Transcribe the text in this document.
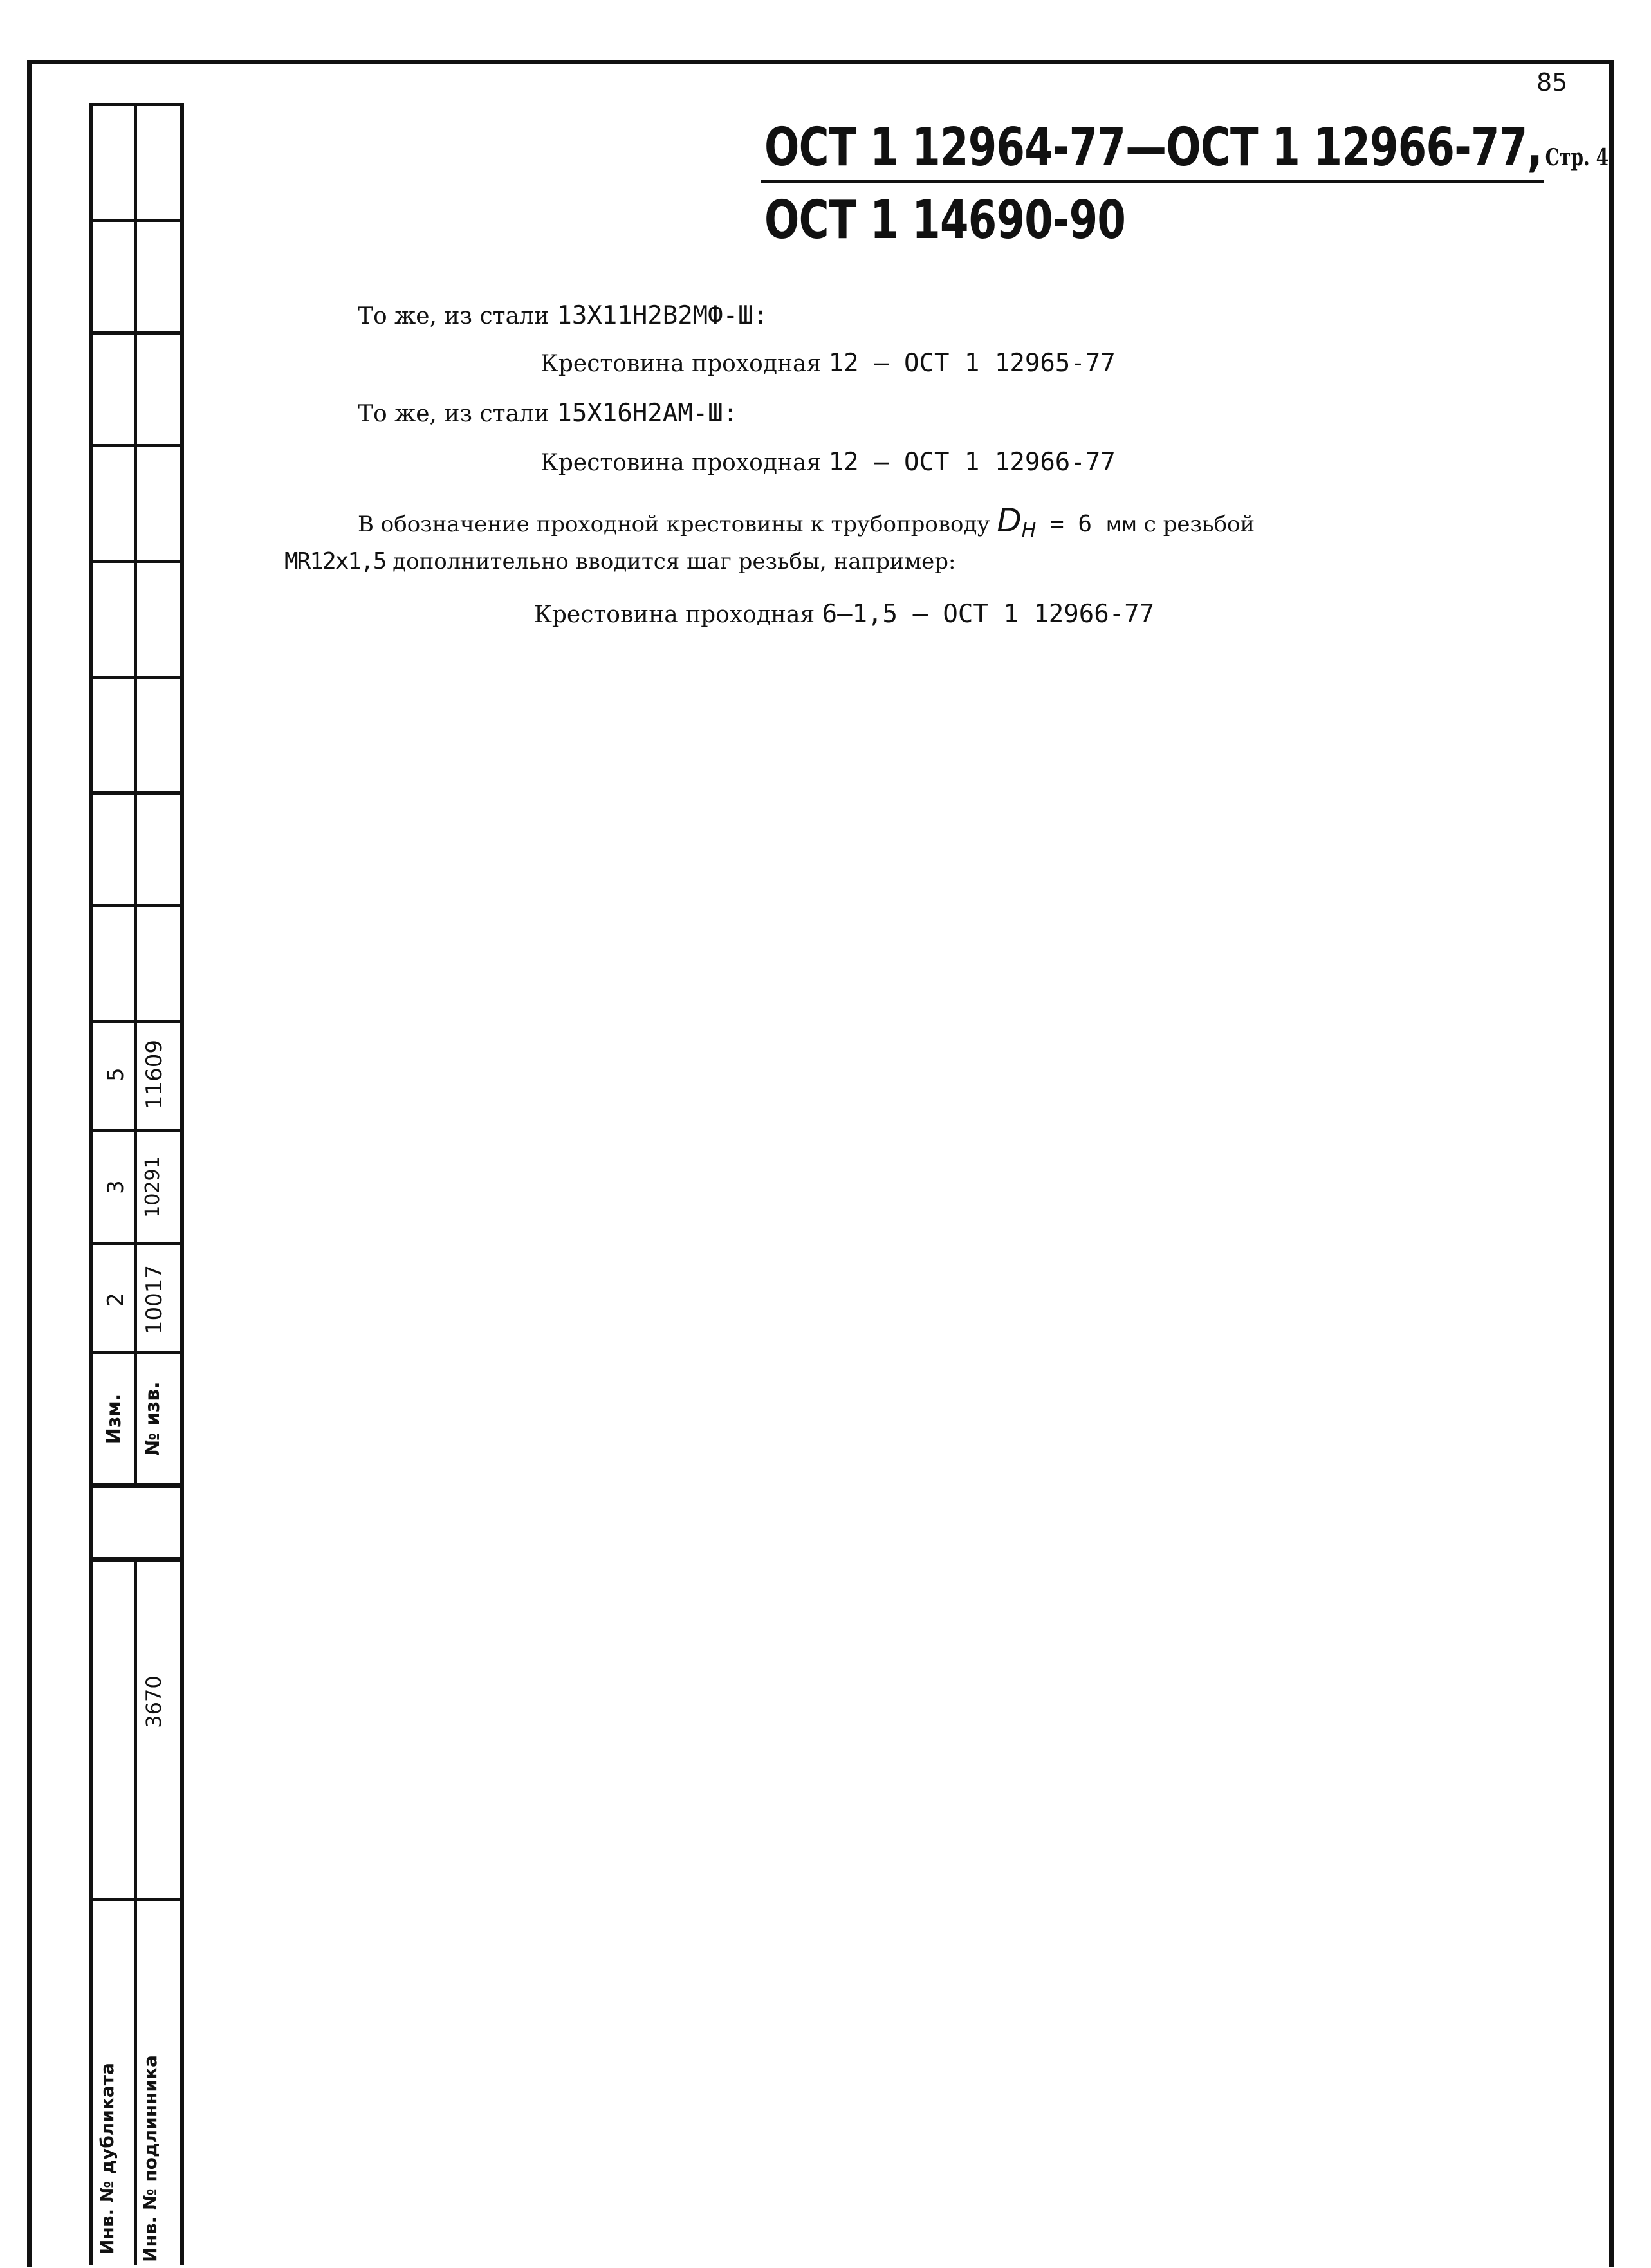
85
5
3
2
Изм.
11609
10291
10017
№ изв.
3670
Инв. № дубликата	Инв. № подлинника
ОСТ 1 12964-77—ОСТ 1 12966-77, Стр. 4
ОСТ 1 14690-90
То же, из стали 13Х11Н2В2МФ-Ш:
Крестовина проходная 12 – ОСТ 1 12965-77
То же, из стали 15Х16Н2АМ-Ш:
Крестовина проходная 12 – ОСТ 1 12966-77
В обозначение проходной крестовины к трубопроводу $D_Н = 6$ мм с резьбой
MR12x1,5 дополнительно вводится шаг резьбы, например:
Крестовина проходная 6–1,5 – ОСТ 1 12966-77
